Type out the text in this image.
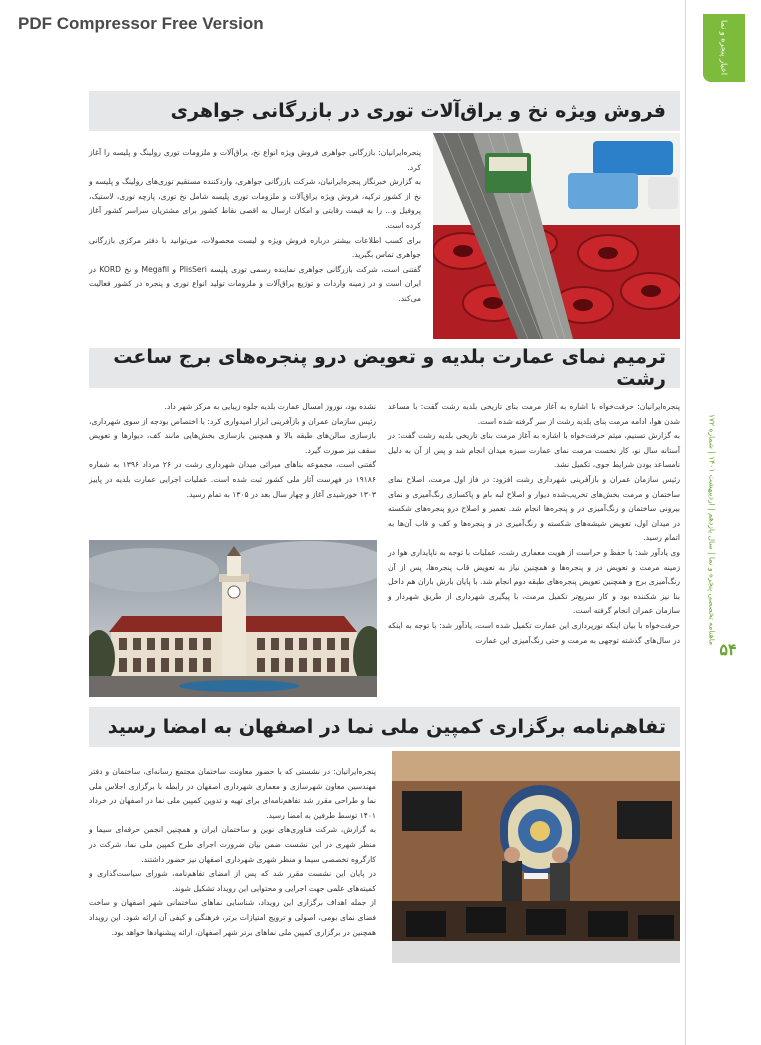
PDF Compressor Free Version	اخبار پنجره و نما
ماهنامه تخصصی پنجره و نما | سال یازدهم | اردیبهشت ۱۴۰۱ | شماره ۱۷۲
۵۴
فروش ویژه نخ و یراق‌آلات توری در بازرگانی جواهری

پنجره‌ایرانیان: بازرگانی جواهری فروش ویژه انواع نخ، یراق‌آلات و ملزومات توری رولینگ و پلیسه را آغاز کرد.

به گزارش خبرنگار پنجره‌ایرانیان، شرکت بازرگانی جواهری، واردکننده مستقیم توری‌های رولینگ و پلیسه و نخ از کشور ترکیه، فروش ویژه یراق‌آلات و ملزومات توری پلیسه شامل نخ توری، پارچه توری، لاستیک، پروفیل و... را به قیمت رقابتی و امکان ارسال به اقصی نقاط کشور برای مشتریان سراسر کشور آغاز کرده است.

برای کسب اطلاعات بیشتر درباره فروش ویژه و لیست محصولات، می‌توانید با دفتر مرکزی بازرگانی جواهری تماس بگیرید.

گفتنی است، شرکت بازرگانی جواهری نماینده رسمی توری پلیسه PlisSeri و Megafil و نخ KORD در ایران است و در زمینه واردات و توزیع یراق‌آلات و ملزومات تولید انواع توری و پنجره در کشور فعالیت می‌کند.

ترمیم نمای عمارت بلدیه و تعویض درو پنجره‌های برج ساعت رشت

پنجره‌ایرانیان: حرفت‌خواه با اشاره به آغاز مرمت بنای تاریخی بلدیه رشت گفت: با مساعد شدن هوا، ادامه مرمت بنای بلدیه رشت از سر گرفته شده است.

به گزارش تسنیم، میثم حرفت‌خواه با اشاره به آغاز مرمت بنای تاریخی بلدیه رشت گفت: در آستانه سال نو، کار نخست مرمت نمای عمارت سبزه میدان انجام شد و پس از آن به دلیل نامساعد بودن شرایط جوی، تکمیل نشد.

رئیس سازمان عمران و بازآفرینی شهرداری رشت افزود: در فاز اول مرمت، اصلاح نمای ساختمان و مرمت بخش‌های تخریب‌شده دیوار و اصلاح لبه بام و پاکسازی رنگ‌آمیزی و نمای بیرونی ساختمان و رنگ‌آمیزی در و پنجره‌ها انجام شد. تعمیر و اصلاح درو پنجره‌های شکسته در میدان اول، تعویض شیشه‌های شکسته و رنگ‌آمیزی در و پنجره‌ها و کف و قاب آن‌ها به اتمام رسید.

وی یادآور شد: با حفظ و حراست از هویت معماری رشت، عملیات با توجه به ناپایداری هوا در زمینه مرمت و تعویض در و پنجره‌ها و همچنین نیاز به تعویض قاب پنجره‌ها، پس از آن رنگ‌آمیزی برج و همچنین تعویض پنجره‌های طبقه دوم انجام شد. با پایان بارش باران هم داخل بنا نیز شکننده بود و کار سریع‌تر تکمیل مرمت، با پیگیری شهرداری از طریق شهردار و سازمان عمران انجام گرفته است.

حرفت‌خواه با بیان اینکه نورپردازی این عمارت تکمیل شده است، یادآور شد: با توجه به اینکه در سال‌های گذشته توجهی به مرمت و حتی رنگ‌آمیزی این عمارت

نشده بود، نوروز امسال عمارت بلدیه جلوه زیبایی به مرکز شهر داد.

رئیس سازمان عمران و بازآفرینی ابزار امیدواری کرد: با اختصاص بودجه از سوی شهرداری، بازسازی سالن‌های طبقه بالا و همچنین بازسازی بخش‌هایی مانند کف، دیوارها و تعویض سقف نیز صورت گیرد.

گفتنی است، مجموعه بناهای میراثی میدان شهرداری رشت در ۲۶ مرداد ۱۳۹۶ به شماره ۱۹۱۸۶ در فهرست آثار ملی کشور ثبت شده است. عملیات اجرایی عمارت بلدیه در پاییز ۱۳۰۳ خورشیدی آغاز و چهار سال بعد در ۱۳۰۵ به تمام رسید.

تفاهم‌نامه برگزاری کمپین ملی نما در اصفهان به امضا رسید

پنجره‌ایرانیان: در نشستی که با حضور معاونت ساختمان مجتمع رسانه‌ای، ساختمان و دفتر مهندسین معاون شهرسازی و معماری شهرداری اصفهان در رابطه با برگزاری اجلاس ملی نما و طراحی مقرر شد تفاهم‌نامه‌ای برای تهیه و تدوین کمپین ملی نما در اصفهان در خرداد ۱۴۰۱ توسط طرفین به امضا رسید.

به گزارش، شرکت فناوری‌های نوین و ساختمان ایران و همچنین انجمن حرفه‌ای سیما و منظر شهری در این نشست ضمن بیان ضرورت اجرای طرح کمپین ملی نما، شرکت در کارگروه تخصصی سیما و منظر شهری شهرداری اصفهان نیز حضور داشتند.

در پایان این نشست مقرر شد که پس از امضای تفاهم‌نامه، شورای سیاست‌گذاری و کمیته‌های علمی جهت اجرایی و محتوایی این رویداد تشکیل شوند.

از جمله اهداف برگزاری این رویداد، شناسایی نماهای ساختمانی شهر اصفهان و ساخت فضای نمای بومی، اصولی و ترویج امتیازات برتر، فرهنگی و کیفی آن ارائه شود. این رویداد همچنین در برگزاری کمپین ملی نماهای برتر شهر اصفهان، ارائه پیشنهادها خواهد بود.
